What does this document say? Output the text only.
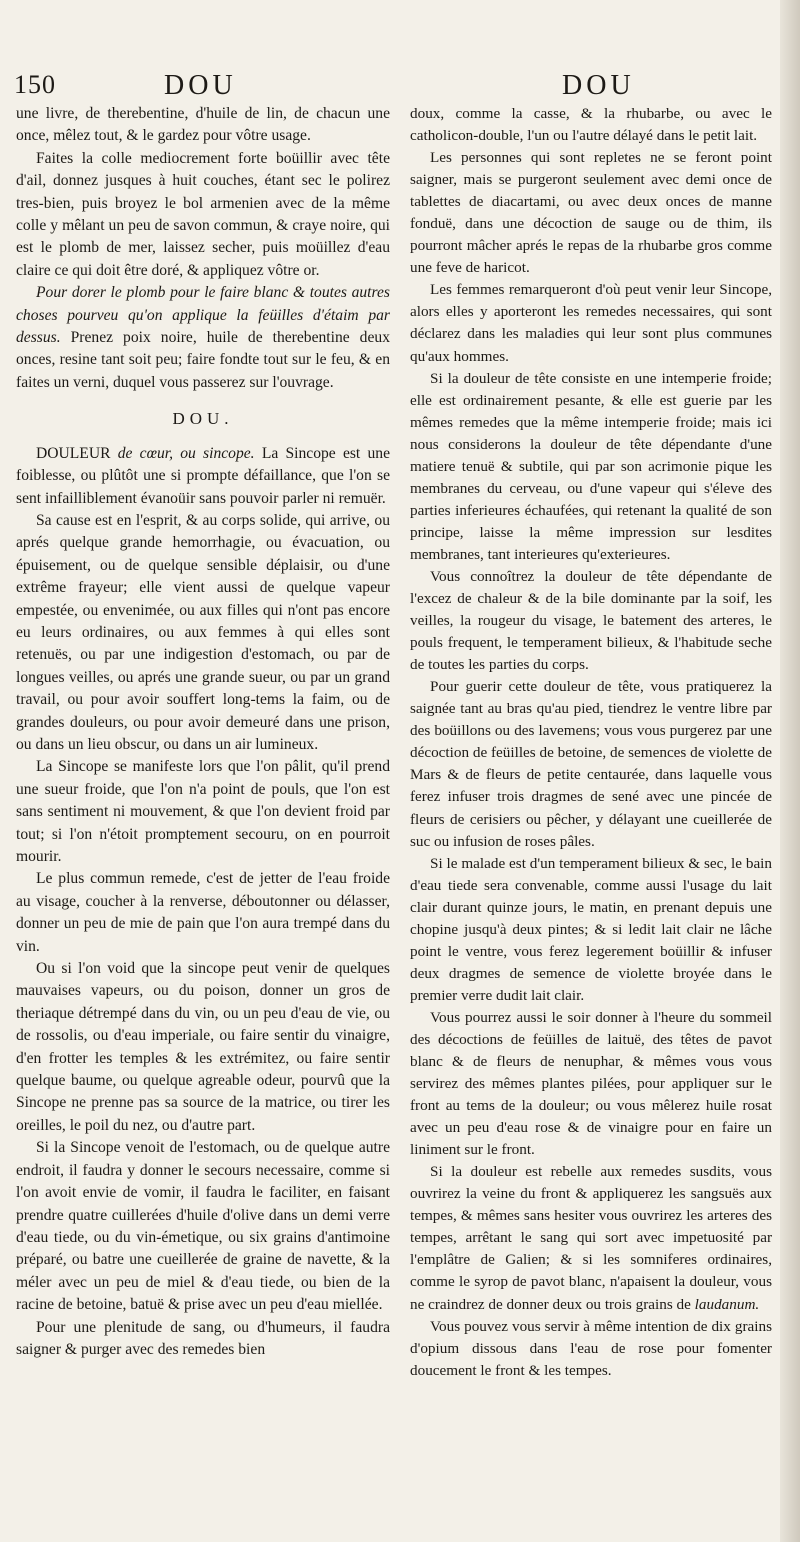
150	DOU	DOU

une livre, de therebentine, d'huile de lin, de chacun une once, mêlez tout, & le gardez pour vôtre usage.

Faites la colle mediocrement forte boüillir avec tête d'ail, donnez jusques à huit couches, étant sec le polirez tres-bien, puis broyez le bol armenien avec de la même colle y mêlant un peu de savon commun, & craye noire, qui est le plomb de mer, laissez secher, puis moüillez d'eau claire ce qui doit être doré, & appliquez vôtre or.

Pour dorer le plomb pour le faire blanc & toutes autres choses pourveu qu'on applique la feüilles d'étaim par dessus. Prenez poix noire, huile de therebentine deux onces, resine tant soit peu; faire fondte tout sur le feu, & en faites un verni, duquel vous passerez sur l'ouvrage.

DOU.

DOULEUR de cœur, ou sincope. La Sincope est une foiblesse, ou plûtôt une si prompte défaillance, que l'on se sent infailliblement évanoüir sans pouvoir parler ni remuër.

Sa cause est en l'esprit, & au corps solide, qui arrive, ou aprés quelque grande hemorrhagie, ou évacuation, ou épuisement, ou de quelque sensible déplaisir, ou d'une extrême frayeur; elle vient aussi de quelque vapeur empestée, ou envenimée, ou aux filles qui n'ont pas encore eu leurs ordinaires, ou aux femmes à qui elles sont retenuës, ou par une indigestion d'estomach, ou par de longues veilles, ou aprés une grande sueur, ou par un grand travail, ou pour avoir souffert long-tems la faim, ou de grandes douleurs, ou pour avoir demeuré dans une prison, ou dans un lieu obscur, ou dans un air lumineux.

La Sincope se manifeste lors que l'on pâlit, qu'il prend une sueur froide, que l'on n'a point de pouls, que l'on est sans sentiment ni mouvement, & que l'on devient froid par tout; si l'on n'étoit promptement secouru, on en pourroit mourir.

Le plus commun remede, c'est de jetter de l'eau froide au visage, coucher à la renverse, déboutonner ou délasser, donner un peu de mie de pain que l'on aura trempé dans du vin.

Ou si l'on void que la sincope peut venir de quelques mauvaises vapeurs, ou du poison, donner un gros de theriaque détrempé dans du vin, ou un peu d'eau de vie, ou de rossolis, ou d'eau imperiale, ou faire sentir du vinaigre, d'en frotter les temples & les extrémitez, ou faire sentir quelque baume, ou quelque agreable odeur, pourvû que la Sincope ne prenne pas sa source de la matrice, ou tirer les oreilles, le poil du nez, ou d'autre part.

Si la Sincope venoit de l'estomach, ou de quelque autre endroit, il faudra y donner le secours necessaire, comme si l'on avoit envie de vomir, il faudra le faciliter, en faisant prendre quatre cuillerées d'huile d'olive dans un demi verre d'eau tiede, ou du vin-émetique, ou six grains d'antimoine préparé, ou batre une cueillerée de graine de navette, & la méler avec un peu de miel & d'eau tiede, ou bien de la racine de betoine, batuë & prise avec un peu d'eau miellée.

Pour une plenitude de sang, ou d'humeurs, il faudra saigner & purger avec des remedes bien

doux, comme la casse, & la rhubarbe, ou avec le catholicon-double, l'un ou l'autre délayé dans le petit lait.

Les personnes qui sont repletes ne se feront point saigner, mais se purgeront seulement avec demi once de tablettes de diacartami, ou avec deux onces de manne fonduë, dans une décoction de sauge ou de thim, ils pourront mâcher aprés le repas de la rhubarbe gros comme une feve de haricot.

Les femmes remarqueront d'où peut venir leur Sincope, alors elles y aporteront les remedes necessaires, qui sont déclarez dans les maladies qui leur sont plus communes qu'aux hommes.

Si la douleur de tête consiste en une intemperie froide; elle est ordinairement pesante, & elle est guerie par les mêmes remedes que la même intemperie froide; mais ici nous considerons la douleur de tête dépendante d'une matiere tenuë & subtile, qui par son acrimonie pique les membranes du cerveau, ou d'une vapeur qui s'éleve des parties inferieures échaufées, qui retenant la qualité de son principe, laisse la même impression sur lesdites membranes, tant interieures qu'exterieures.

Vous connoîtrez la douleur de tête dépendante de l'excez de chaleur & de la bile dominante par la soif, les veilles, la rougeur du visage, le batement des arteres, le pouls frequent, le temperament bilieux, & l'habitude seche de toutes les parties du corps.

Pour guerir cette douleur de tête, vous pratiquerez la saignée tant au bras qu'au pied, tiendrez le ventre libre par des boüillons ou des lavemens; vous vous purgerez par une décoction de feüilles de betoine, de semences de violette de Mars & de fleurs de petite centaurée, dans laquelle vous ferez infuser trois dragmes de sené avec une pincée de fleurs de cerisiers ou pêcher, y délayant une cueillerée de suc ou infusion de roses pâles.

Si le malade est d'un temperament bilieux & sec, le bain d'eau tiede sera convenable, comme aussi l'usage du lait clair durant quinze jours, le matin, en prenant depuis une chopine jusqu'à deux pintes; & si ledit lait clair ne lâche point le ventre, vous ferez legerement boüillir & infuser deux dragmes de semence de violette broyée dans le premier verre dudit lait clair.

Vous pourrez aussi le soir donner à l'heure du sommeil des décoctions de feüilles de laituë, des têtes de pavot blanc & de fleurs de nenuphar, & mêmes vous vous servirez des mêmes plantes pilées, pour appliquer sur le front au tems de la douleur; ou vous mêlerez huile rosat avec un peu d'eau rose & de vinaigre pour en faire un liniment sur le front.

Si la douleur est rebelle aux remedes susdits, vous ouvrirez la veine du front & appliquerez les sangsuës aux tempes, & mêmes sans hesiter vous ouvrirez les arteres des tempes, arrêtant le sang qui sort avec impetuosité par l'emplâtre de Galien; & si les somniferes ordinaires, comme le syrop de pavot blanc, n'apaisent la douleur, vous ne craindrez de donner deux ou trois grains de laudanum.

Vous pouvez vous servir à même intention de dix grains d'opium dissous dans l'eau de rose pour fomenter doucement le front & les tempes.
